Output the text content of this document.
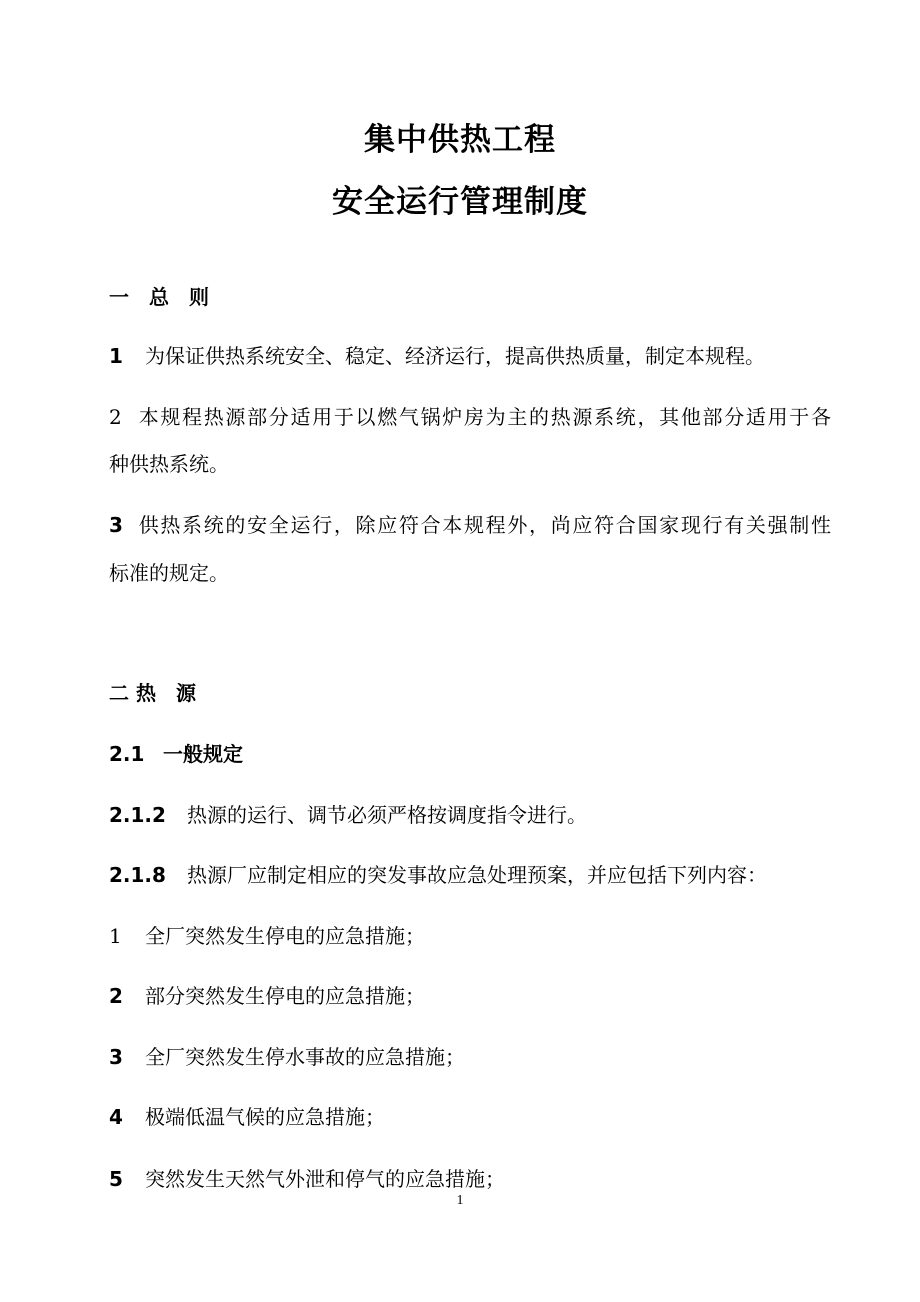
集中供热工程
安全运行管理制度
一　总　则
1 为保证供热系统安全、稳定、经济运行，提高供热质量，制定本规程。
2 本规程热源部分适用于以燃气锅炉房为主的热源系统，其他部分适用于各
种供热系统。
3 供热系统的安全运行，除应符合本规程外，尚应符合国家现行有关强制性
标准的规定。
二 热　源
2.1 一般规定
2.1.2 热源的运行、调节必须严格按调度指令进行。
2.1.8 热源厂应制定相应的突发事故应急处理预案，并应包括下列内容：
1 全厂突然发生停电的应急措施；
2 部分突然发生停电的应急措施；
3 全厂突然发生停水事故的应急措施；
4 极端低温气候的应急措施；
5 突然发生天然气外泄和停气的应急措施；
1
